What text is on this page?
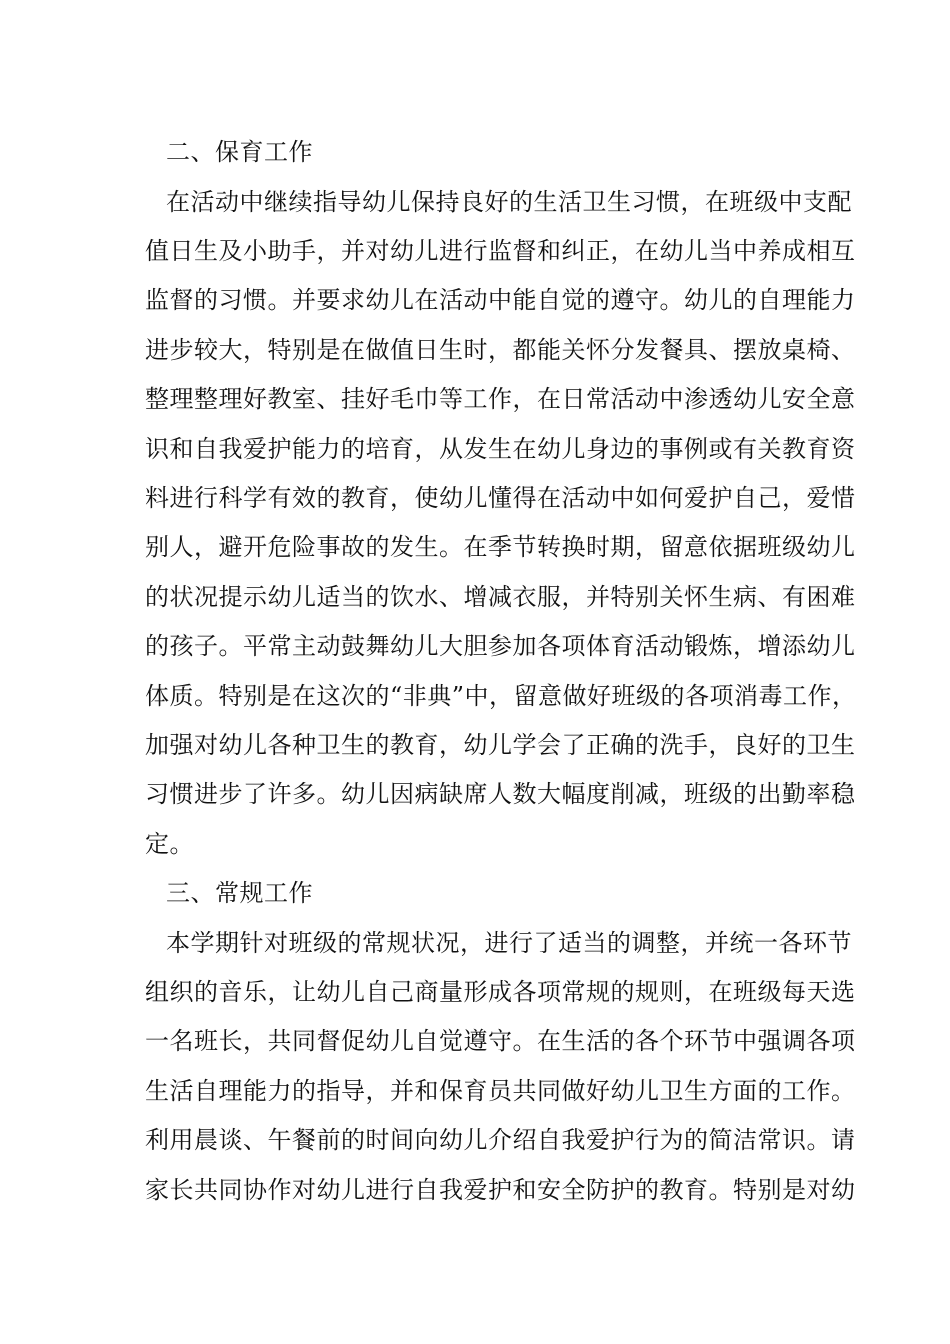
二、保育工作
在活动中继续指导幼儿保持良好的生活卫生习惯，在班级中支配
值日生及小助手，并对幼儿进行监督和纠正，在幼儿当中养成相互
监督的习惯。并要求幼儿在活动中能自觉的遵守。幼儿的自理能力
进步较大，特别是在做值日生时，都能关怀分发餐具、摆放桌椅、
整理整理好教室、挂好毛巾等工作，在日常活动中渗透幼儿安全意
识和自我爱护能力的培育，从发生在幼儿身边的事例或有关教育资
料进行科学有效的教育，使幼儿懂得在活动中如何爱护自己，爱惜
别人，避开危险事故的发生。在季节转换时期，留意依据班级幼儿
的状况提示幼儿适当的饮水、增减衣服，并特别关怀生病、有困难
的孩子。平常主动鼓舞幼儿大胆参加各项体育活动锻炼，增添幼儿
体质。特别是在这次的“非典”中，留意做好班级的各项消毒工作，
加强对幼儿各种卫生的教育，幼儿学会了正确的洗手，良好的卫生
习惯进步了许多。幼儿因病缺席人数大幅度削减，班级的出勤率稳
定。
三、常规工作
本学期针对班级的常规状况，进行了适当的调整，并统一各环节
组织的音乐，让幼儿自己商量形成各项常规的规则，在班级每天选
一名班长，共同督促幼儿自觉遵守。在生活的各个环节中强调各项
生活自理能力的指导，并和保育员共同做好幼儿卫生方面的工作。
利用晨谈、午餐前的时间向幼儿介绍自我爱护行为的简洁常识。请
家长共同协作对幼儿进行自我爱护和安全防护的教育。特别是对幼
